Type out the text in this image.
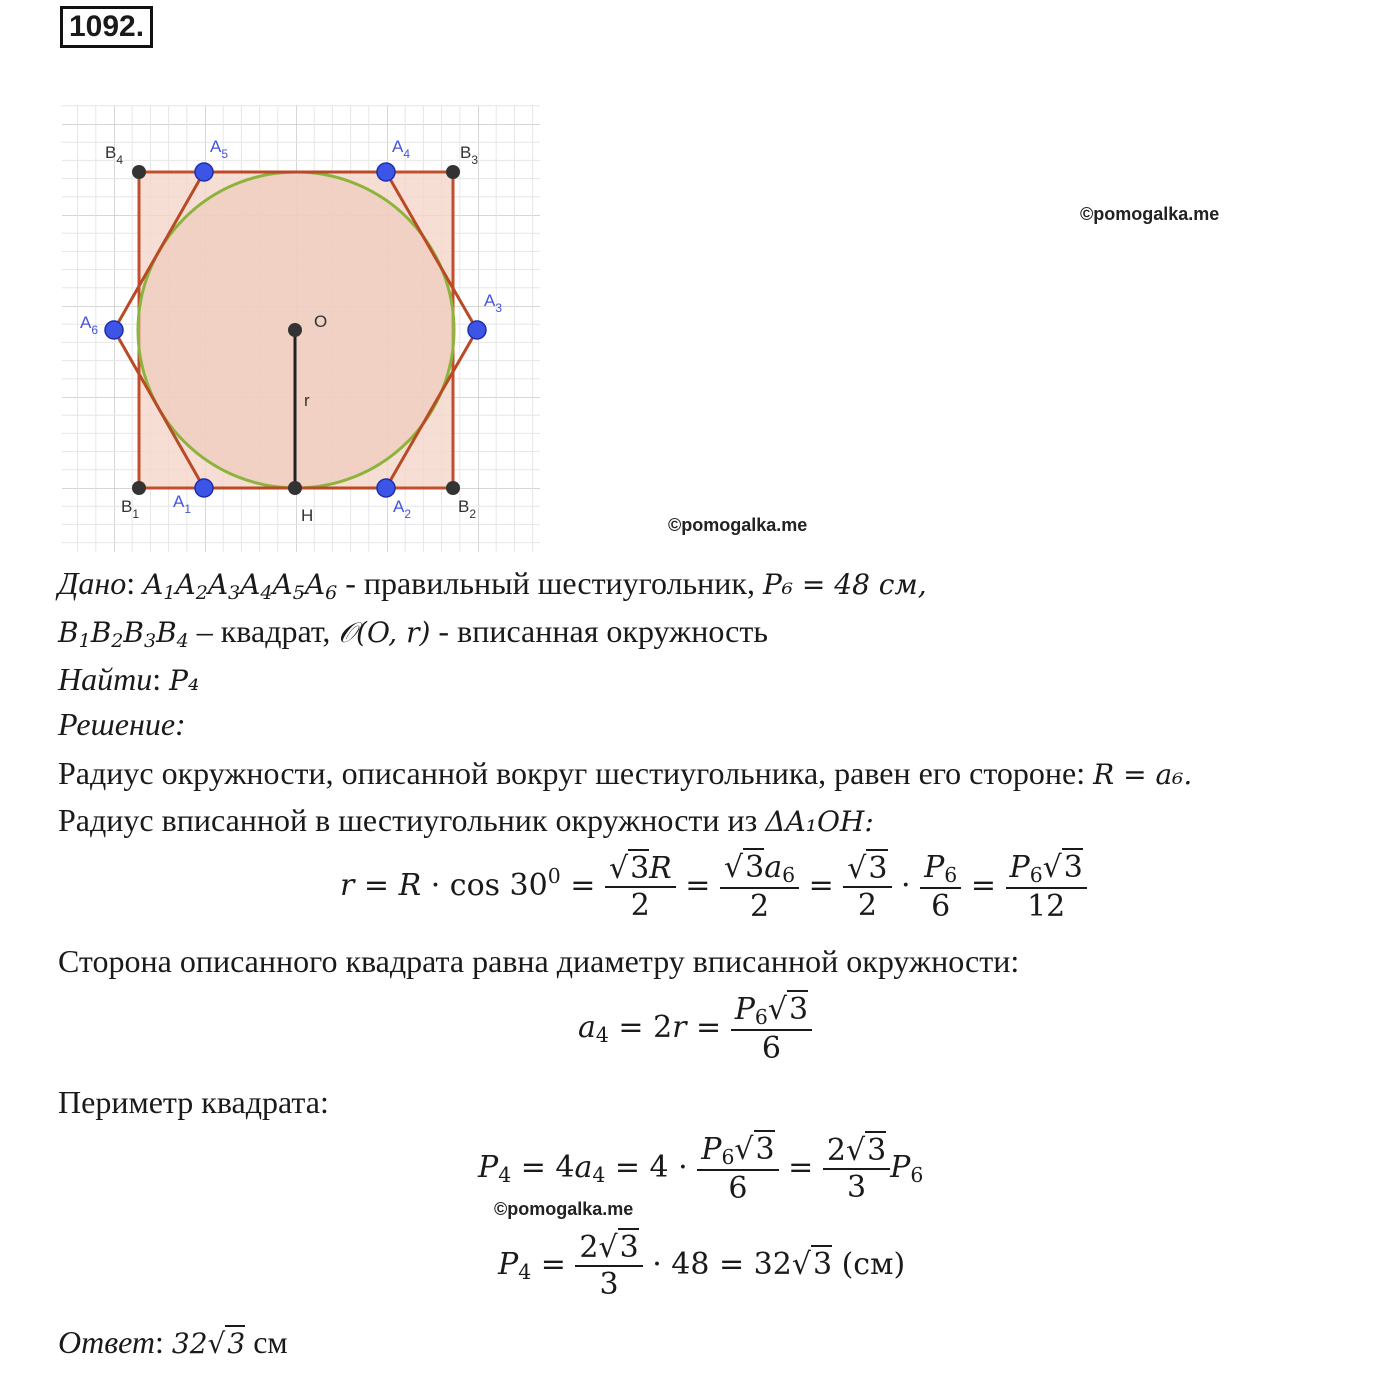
1092.
$B_4$
$A_5$	$A_4$	$B_3$
$A_3$
$A_6$	O
r
$B_1$
$A_1$	H	$A_2$	$B_2$
©pomogalka.me
©pomogalka.me
©pomogalka.me
Дано: $A_1A_2A_3A_4A_5A_6$ - правильный шестиугольник, P₆ = 48 см,
$B_1B_2B_3B_4$ – квадрат, 𝒪(O, r) - вписанная окружность
Найти: P₄
Решение:
Радиус окружности, описанной вокруг шестиугольника, равен его стороне: R = a₆.
Радиус вписанной в шестиугольник окружности из ΔA₁OH:
$r = R \cdot \cos 30^0 = \frac{√3R}{2} = \frac{√3a_6}{2} = \frac{√3}{2} \cdot \frac{P_6}{6} = \frac{P_6√3}{12}$
Сторона описанного квадрата равна диаметру вписанной окружности:
$a_4 = 2r = \frac{P_6√3}{6}$
Периметр квадрата:
$P_4 = 4a_4 = 4 \cdot \frac{P_6√3}{6} = \frac{2√3}{3} P_6$
$P_4 = \frac{2√3}{3} \cdot 48 = 32√3$ (см)
Ответ: 32√3 см
